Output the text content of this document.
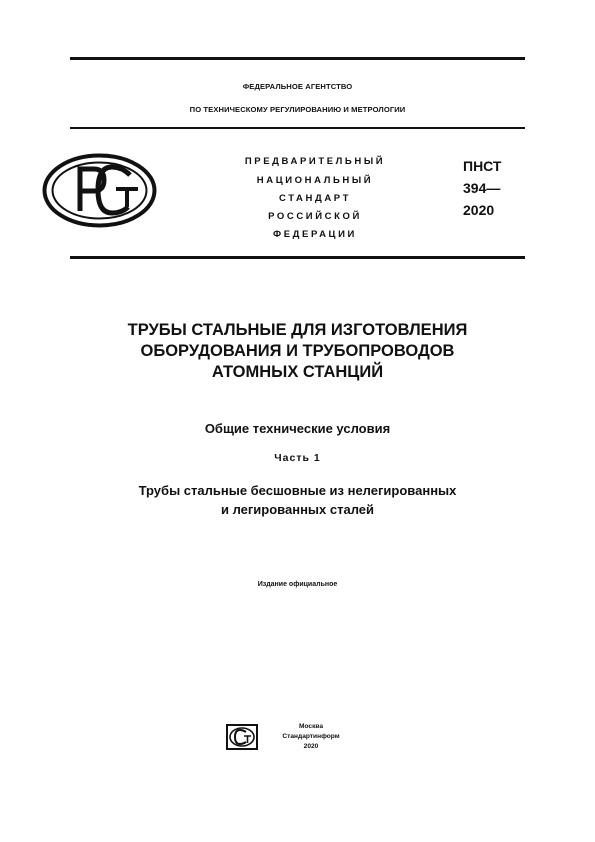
ФЕДЕРАЛЬНОЕ АГЕНТСТВО
ПО ТЕХНИЧЕСКОМУ РЕГУЛИРОВАНИЮ И МЕТРОЛОГИИ
ПРЕДВАРИТЕЛЬНЫЙ
НАЦИОНАЛЬНЫЙ
СТАНДАРТ
РОССИЙСКОЙ
ФЕДЕРАЦИИ
ПНСТ
394—
2020
ТРУБЫ СТАЛЬНЫЕ ДЛЯ ИЗГОТОВЛЕНИЯ
ОБОРУДОВАНИЯ И ТРУБОПРОВОДОВ
АТОМНЫХ СТАНЦИЙ
Общие технические условия
Часть 1
Трубы стальные бесшовные из нелегированных
и легированных сталей
Издание официальное
Москва
Стандартинформ
2020
